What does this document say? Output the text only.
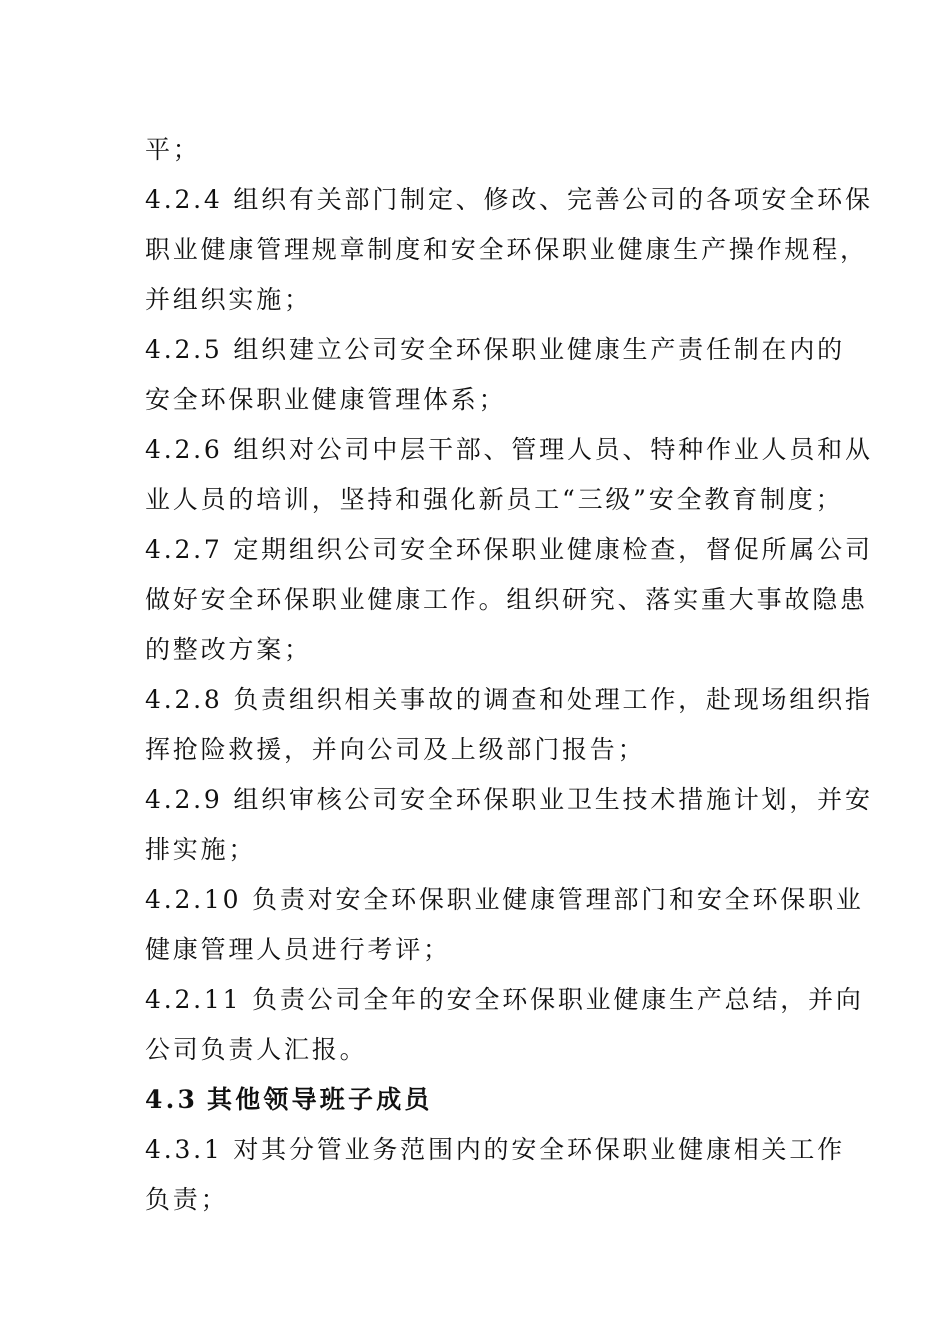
平；
4.2.4 组织有关部门制定、修改、完善公司的各项安全环保
职业健康管理规章制度和安全环保职业健康生产操作规程，
并组织实施；
4.2.5 组织建立公司安全环保职业健康生产责任制在内的
安全环保职业健康管理体系；
4.2.6 组织对公司中层干部、管理人员、特种作业人员和从
业人员的培训，坚持和强化新员工“三级”安全教育制度；
4.2.7 定期组织公司安全环保职业健康检查，督促所属公司
做好安全环保职业健康工作。组织研究、落实重大事故隐患
的整改方案；
4.2.8 负责组织相关事故的调查和处理工作，赴现场组织指
挥抢险救援，并向公司及上级部门报告；
4.2.9 组织审核公司安全环保职业卫生技术措施计划，并安
排实施；
4.2.10 负责对安全环保职业健康管理部门和安全环保职业
健康管理人员进行考评；
4.2.11 负责公司全年的安全环保职业健康生产总结，并向
公司负责人汇报。
4.3 其他领导班子成员
4.3.1 对其分管业务范围内的安全环保职业健康相关工作
负责；
